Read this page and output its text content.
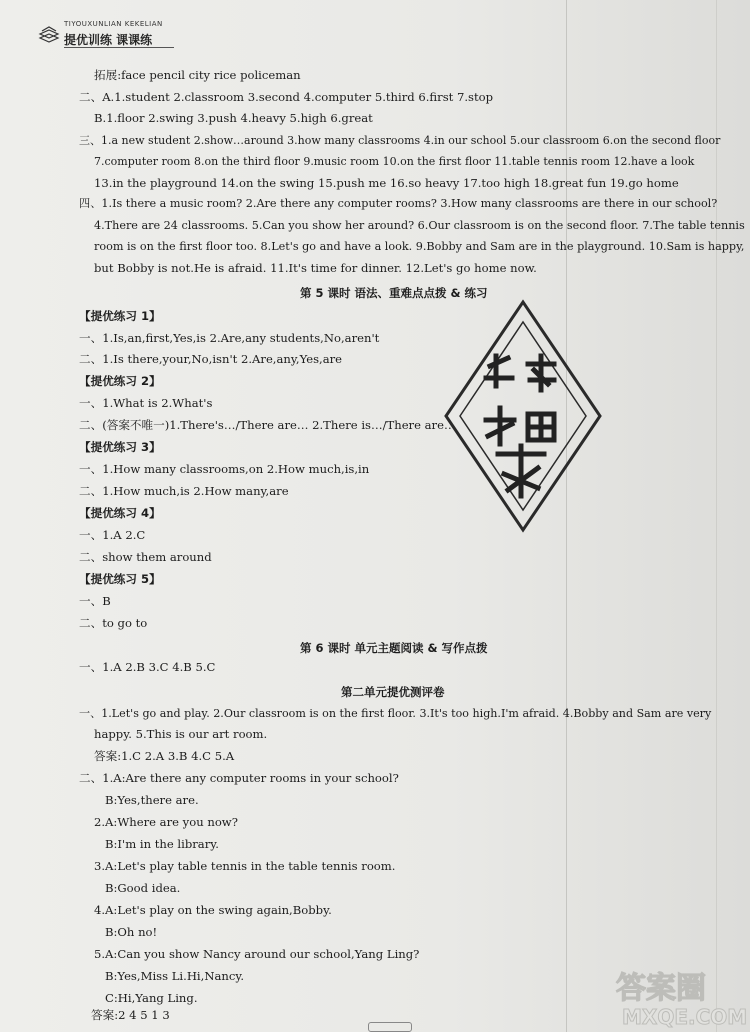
TIYOUXUNLIAN KEKELIAN
提优训练 课课练
拓展:face pencil city rice policeman
二、A.1.student 2.classroom 3.second 4.computer 5.third 6.first 7.stop
B.1.floor 2.swing 3.push 4.heavy 5.high 6.great
三、1.a new student 2.show…around 3.how many classrooms 4.in our school 5.our classroom 6.on the second floor
7.computer room 8.on the third floor 9.music room 10.on the first floor 11.table tennis room 12.have a look
13.in the playground 14.on the swing 15.push me 16.so heavy 17.too high 18.great fun 19.go home
四、1.Is there a music room? 2.Are there any computer rooms? 3.How many classrooms are there in our school?
4.There are 24 classrooms. 5.Can you show her around? 6.Our classroom is on the second floor. 7.The table tennis
room is on the first floor too. 8.Let's go and have a look. 9.Bobby and Sam are in the playground. 10.Sam is happy,
but Bobby is not.He is afraid. 11.It's time for dinner. 12.Let's go home now.
第 5 课时 语法、重难点点拨 & 练习
【提优练习 1】
一、1.Is,an,first,Yes,is 2.Are,any students,No,aren't
二、1.Is there,your,No,isn't 2.Are,any,Yes,are
【提优练习 2】
一、1.What is 2.What's
二、(答案不唯一)1.There's…/There are… 2.There is…/There are…
【提优练习 3】
一、1.How many classrooms,on 2.How much,is,in
二、1.How much,is 2.How many,are
【提优练习 4】
一、1.A 2.C
二、show them around
【提优练习 5】
一、B
二、to go to
第 6 课时 单元主题阅读 & 写作点拨
一、1.A 2.B 3.C 4.B 5.C
第二单元提优测评卷
一、1.Let's go and play. 2.Our classroom is on the first floor. 3.It's too high.I'm afraid. 4.Bobby and Sam are very
happy. 5.This is our art room.
答案:1.C 2.A 3.B 4.C 5.A
二、1.A:Are there any computer rooms in your school?
B:Yes,there are.
2.A:Where are you now?
B:I'm in the library.
3.A:Let's play table tennis in the table tennis room.
B:Good idea.
4.A:Let's play on the swing again,Bobby.
B:Oh no!
5.A:Can you show Nancy around our school,Yang Ling?
B:Yes,Miss Li.Hi,Nancy.
C:Hi,Yang Ling.
答案:2 4 5 1 3
答案圈
MXQE.COM
